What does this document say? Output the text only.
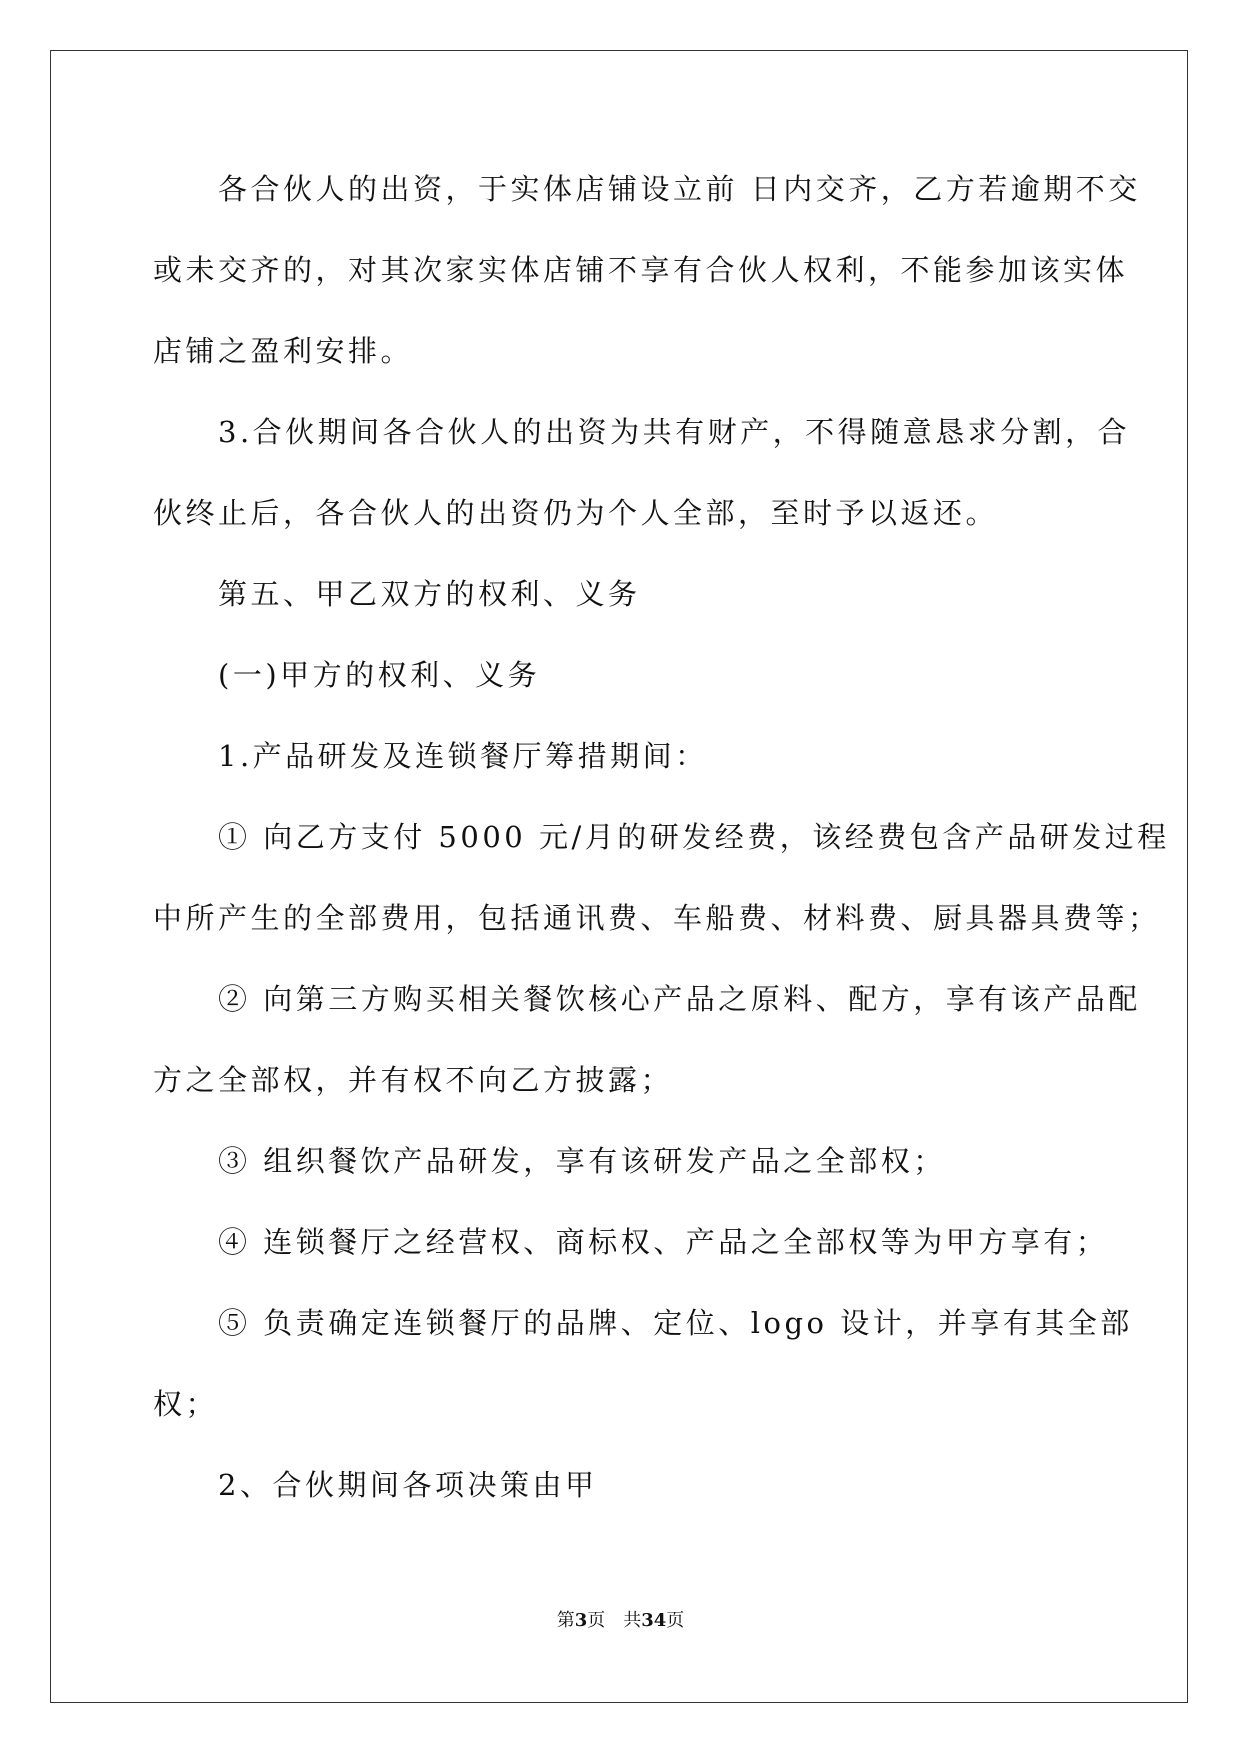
　　各合伙人的出资，于实体店铺设立前 日内交齐，乙方若逾期不交

或未交齐的，对其次家实体店铺不享有合伙人权利，不能参加该实体

店铺之盈利安排。

　　3.合伙期间各合伙人的出资为共有财产，不得随意恳求分割，合

伙终止后，各合伙人的出资仍为个人全部，至时予以返还。

　　第五、甲乙双方的权利、义务

　　(一)甲方的权利、义务

　　1.产品研发及连锁餐厅筹措期间：

　　① 向乙方支付 5000 元/月的研发经费，该经费包含产品研发过程

中所产生的全部费用，包括通讯费、车船费、材料费、厨具器具费等；

　　② 向第三方购买相关餐饮核心产品之原料、配方，享有该产品配

方之全部权，并有权不向乙方披露；

　　③ 组织餐饮产品研发，享有该研发产品之全部权；

　　④ 连锁餐厅之经营权、商标权、产品之全部权等为甲方享有；

　　⑤ 负责确定连锁餐厅的品牌、定位、logo 设计，并享有其全部

权；

　　2、合伙期间各项决策由甲

第3页 共34页
